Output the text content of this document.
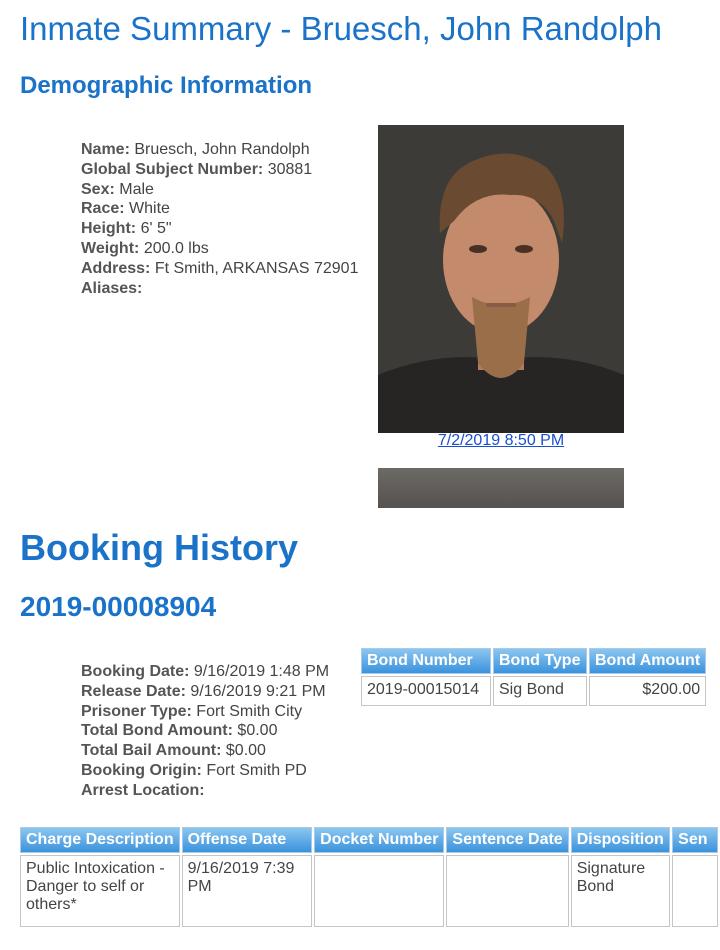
Inmate Summary - Bruesch, John Randolph
Demographic Information
Name: Bruesch, John Randolph
Global Subject Number: 30881
Sex: Male
Race: White
Height: 6' 5"
Weight: 200.0 lbs
Address: Ft Smith, ARKANSAS 72901
Aliases:
7/2/2019 8:50 PM
Booking History
2019-00008904
Booking Date: 9/16/2019 1:48 PM
Release Date: 9/16/2019 9:21 PM
Prisoner Type: Fort Smith City
Total Bond Amount: $0.00
Total Bail Amount: $0.00
Booking Origin: Fort Smith PD
Arrest Location:
Bond Number	Bond Type	Bond Amount
2019-00015014	Sig Bond	$200.00
Charge Description	Offense Date	Docket Number	Sentence Date	Disposition	Sen
Public Intoxication - Danger to self or others*	9/16/2019 7:39 PM			Signature Bond	
